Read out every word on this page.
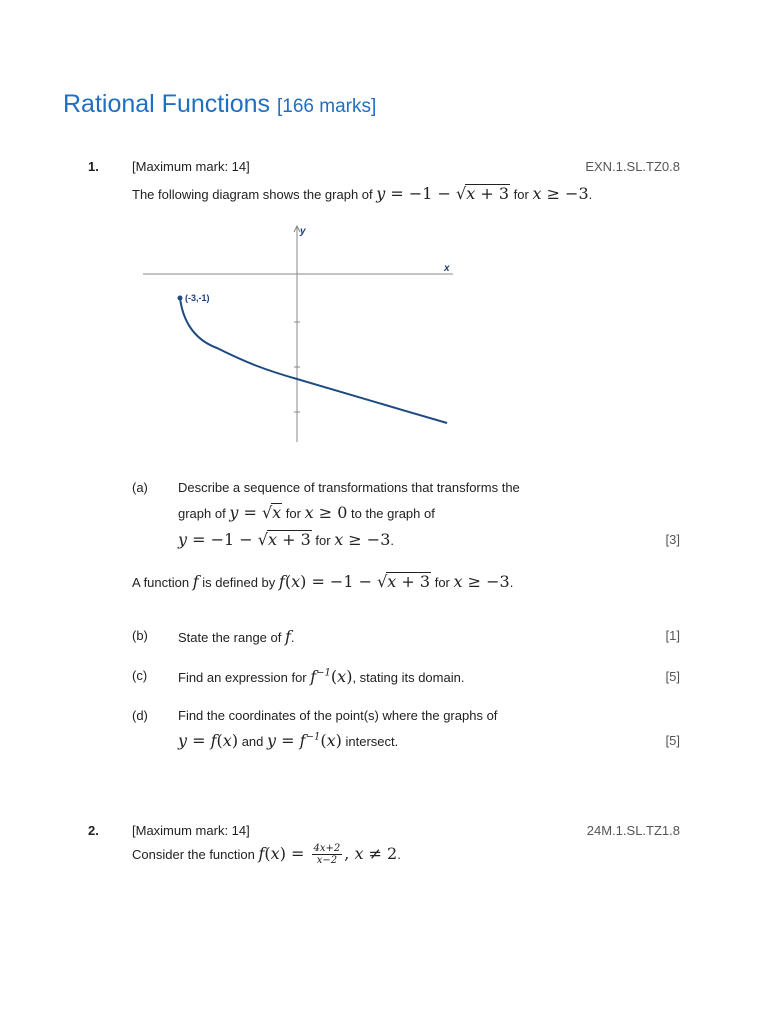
Rational Functions [166 marks]
1.	[Maximum mark: 14]	EXN.1.SL.TZ0.8
The following diagram shows the graph of y = −1 − √x + 3 for x ≥ −3.
y
x
(-3,-1)
(a) Describe a sequence of transformations that transforms the
graph of y = √x for x ≥ 0 to the graph of
y = −1 − √x + 3 for x ≥ −3.	[3]
A function f is defined by f(x) = −1 − √x + 3 for x ≥ −3.
(b) State the range of f.	[1]
(c) Find an expression for $f^{-1}(x)$, stating its domain.	[5]
(d) Find the coordinates of the point(s) where the graphs of
y = f(x) and $y = f^{-1}(x)$ intersect.	[5]
2.	[Maximum mark: 14]	24M.1.SL.TZ1.8
Consider the function $f(x) = \frac{4x+2}{x-2}$ , x ≠ 2.
